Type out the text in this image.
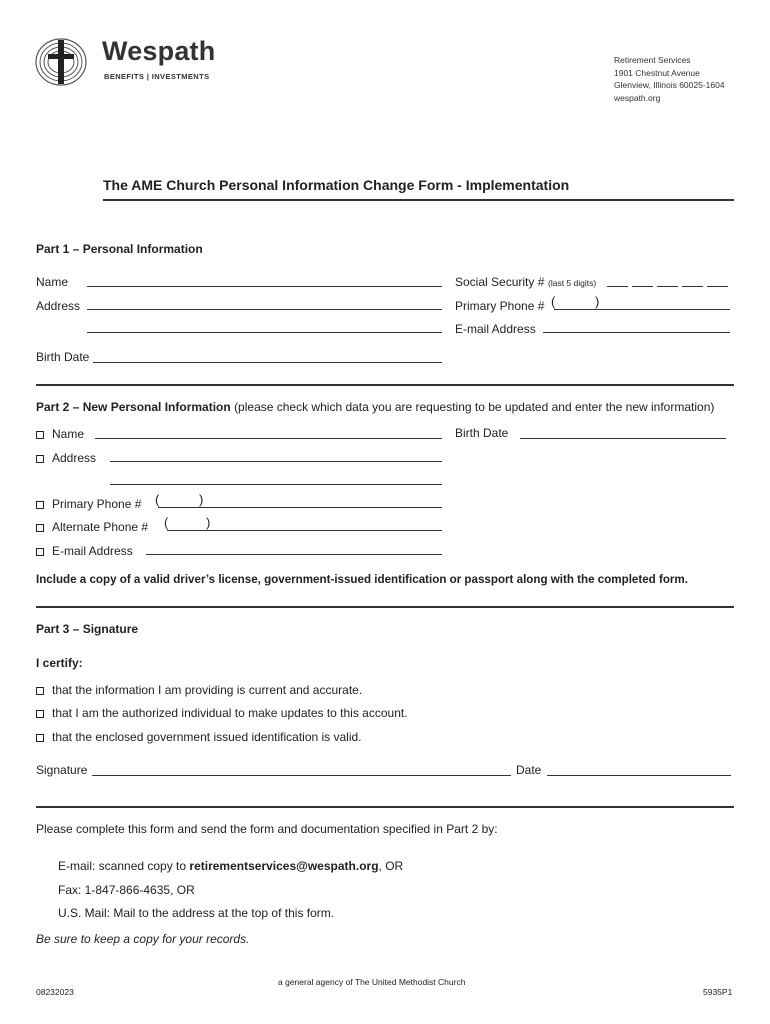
Wespath
BENEFITS | INVESTMENTS
Retirement Services
1901 Chestnut Avenue
Glenview, Illinois 60025-1604
wespath.org
The AME Church Personal Information Change Form - Implementation
Part 1 – Personal Information
Name	Social Security # (last 5 digits)
Address	Primary Phone # (	)
E-mail Address
Birth Date
Part 2 – New Personal Information (please check which data you are requesting to be updated and enter the new information)
Name	Birth Date
Address
Primary Phone # (	)
Alternate Phone # (	)
E-mail Address
Include a copy of a valid driver’s license, government-issued identification or passport along with the completed form.
Part 3 – Signature
I certify:
that the information I am providing is current and accurate.
that I am the authorized individual to make updates to this account.
that the enclosed government issued identification is valid.
Signature	Date
Please complete this form and send the form and documentation specified in Part 2 by:
E-mail: scanned copy to retirementservices@wespath.org, OR
Fax: 1-847-866-4635, OR
U.S. Mail: Mail to the address at the top of this form.
Be sure to keep a copy for your records.
08232023
a general agency of The United Methodist Church
5935P1
